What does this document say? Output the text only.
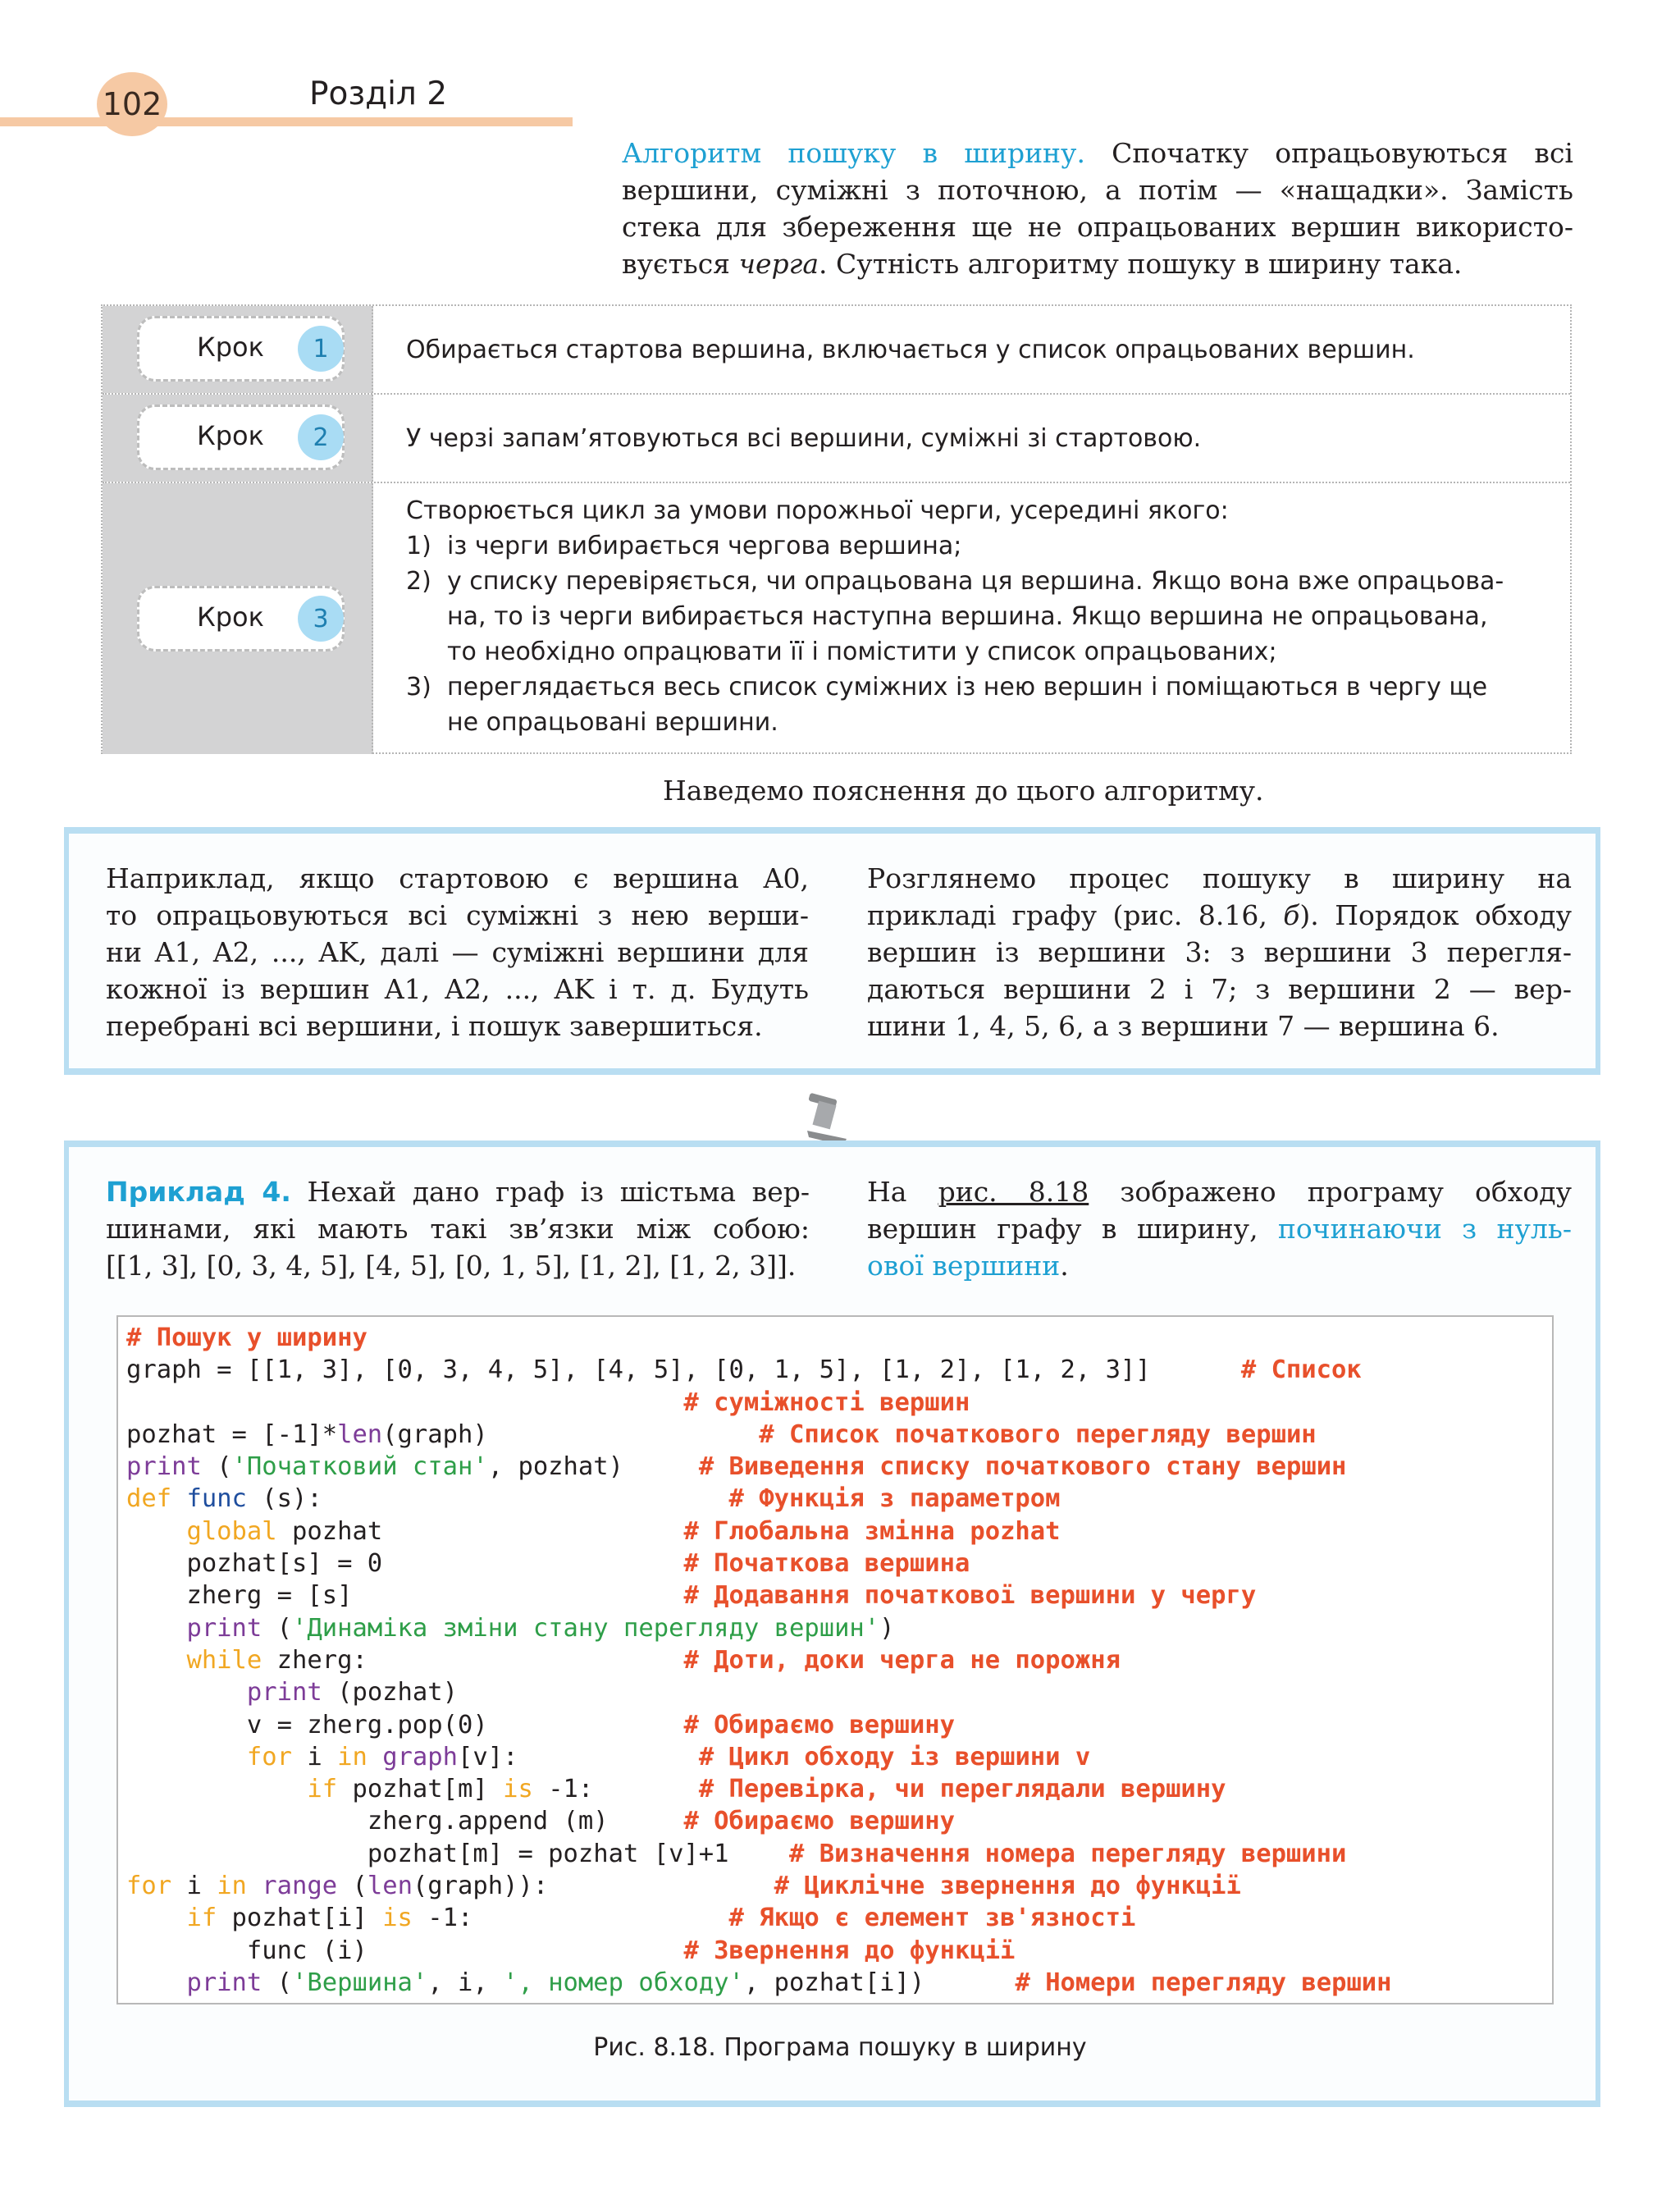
102	Розділ 2
Алгоритм пошуку в ширину. Спочатку опрацьовуються всі
вершини, суміжні з поточною, а потім — «нащадки». Замість
стека для збереження ще не опрацьованих вершин використо-
вується черга. Сутність алгоритму пошуку в ширину така.
Крок	1	Обирається стартова вершина, включається у список опрацьованих вершин.
Крок	2	У черзі запам’ятовуються всі вершини, суміжні зі стартовою.
Крок	3
Створюється цикл за умови порожньої черги, усередині якого:
1) із черги вибирається чергова вершина;
2) у списку перевіряється, чи опрацьована ця вершина. Якщо вона вже опрацьова-
на, то із черги вибирається наступна вершина. Якщо вершина не опрацьована,
то необхідно опрацювати її і помістити у список опрацьованих;
3) переглядається весь список суміжних із нею вершин і поміщаються в чергу ще
не опрацьовані вершини.
Наведемо пояснення до цього алгоритму.
Наприклад, якщо стартовою є вершина A0,
то опрацьовуються всі суміжні з нею верши-
ни A1, A2, ..., AK, далі — суміжні вершини для
кожної із вершин A1, A2, ..., AK і т. д. Будуть
перебрані всі вершини, і пошук завершиться.
Розглянемо процес пошуку в ширину на
прикладі графу (рис. 8.16, б). Порядок обходу
вершин із вершини 3: з вершини 3 перегля-
даються вершини 2 і 7; з вершини 2 — вер-
шини 1, 4, 5, 6, а з вершини 7 — вершина 6.
Приклад 4. Нехай дано граф із шістьма вер-
шинами, які мають такі зв’язки між собою:
[[1, 3], [0, 3, 4, 5], [4, 5], [0, 1, 5], [1, 2], [1, 2, 3]].
На рис. 8.18 зображено програму обходу
вершин графу в ширину, починаючи з нуль-
ової вершини.
# Пошук у ширину
graph = [[1, 3], [0, 3, 4, 5], [4, 5], [0, 1, 5], [1, 2], [1, 2, 3]]	# Список
# суміжності вершин
pozhat = [-1]*len(graph)	# Список початкового перегляду вершин
print ('Початковий стан', pozhat)	# Виведення списку початкового стану вершин
def func (s):	# Функція з параметром
global pozhat	# Глобальна змінна pozhat
pozhat[s] = 0	# Початкова вершина
zherg = [s]	# Додавання початкової вершини у чергу
print ('Динаміка зміни стану перегляду вершин')
while zherg:	# Доти, доки черга не порожня
print (pozhat)
v = zherg.pop(0)	# Обираємо вершину
for i in graph[v]:	# Цикл обходу із вершини v
if pozhat[m] is -1:	# Перевірка, чи переглядали вершину
zherg.append (m)	# Обираємо вершину
pozhat[m] = pozhat [v]+1 # Визначення номера перегляду вершини
for i in range (len(graph)):	# Циклічне звернення до функції
if pozhat[i] is -1:	# Якщо є елемент зв'язності
func (i)	# Звернення до функції
print ('Вершина', i, ', номер обходу', pozhat[i])	# Номери перегляду вершин
Рис. 8.18. Програма пошуку в ширину
